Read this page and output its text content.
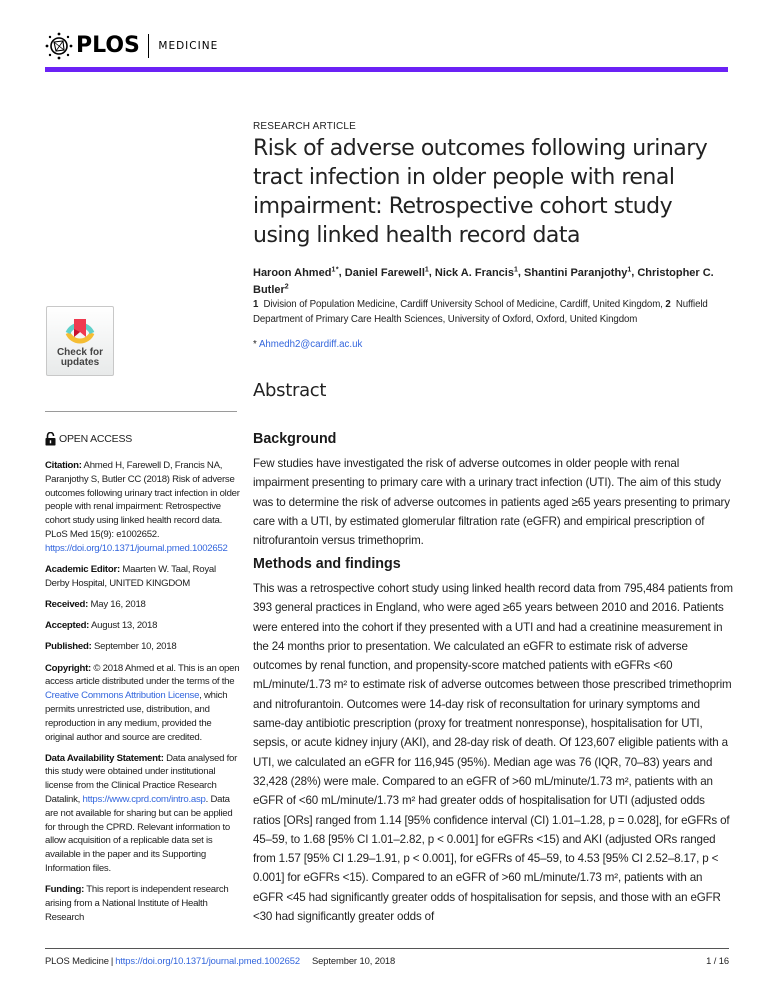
PLOS MEDICINE
Check for
updates
OPEN ACCESS

Citation: Ahmed H, Farewell D, Francis NA, Paranjothy S, Butler CC (2018) Risk of adverse outcomes following urinary tract infection in older people with renal impairment: Retrospective cohort study using linked health record data. PLoS Med 15(9): e1002652. https://doi.org/10.1371/journal.pmed.1002652

Academic Editor: Maarten W. Taal, Royal Derby Hospital, UNITED KINGDOM

Received: May 16, 2018

Accepted: August 13, 2018

Published: September 10, 2018

Copyright: © 2018 Ahmed et al. This is an open access article distributed under the terms of the Creative Commons Attribution License, which permits unrestricted use, distribution, and reproduction in any medium, provided the original author and source are credited.

Data Availability Statement: Data analysed for this study were obtained under institutional license from the Clinical Practice Research Datalink, https://www.cprd.com/intro.asp. Data are not available for sharing but can be applied for through the CPRD. Relevant information to allow acquisition of a replicable data set is available in the paper and its Supporting Information files.

Funding: This report is independent research arising from a National Institute of Health Research

RESEARCH ARTICLE
Risk of adverse outcomes following urinary tract infection in older people with renal impairment: Retrospective cohort study using linked health record data
Haroon Ahmed$^1$ *, Daniel Farewell$^1$, Nick A. Francis$^1$, Shantini Paranjothy$^1$, Christopher C. Butler$^2$
1 Division of Population Medicine, Cardiff University School of Medicine, Cardiff, United Kingdom, 2 Nuffield Department of Primary Care Health Sciences, University of Oxford, Oxford, United Kingdom
* Ahmedh2@cardiff.ac.uk
Abstract
Background

Few studies have investigated the risk of adverse outcomes in older people with renal impairment presenting to primary care with a urinary tract infection (UTI). The aim of this study was to determine the risk of adverse outcomes in patients aged ≥65 years presenting to primary care with a UTI, by estimated glomerular filtration rate (eGFR) and empirical prescription of nitrofurantoin versus trimethoprim.

Methods and findings

This was a retrospective cohort study using linked health record data from 795,484 patients from 393 general practices in England, who were aged ≥65 years between 2010 and 2016. Patients were entered into the cohort if they presented with a UTI and had a creatinine measurement in the 24 months prior to presentation. We calculated an eGFR to estimate risk of adverse outcomes by renal function, and propensity-score matched patients with eGFRs <60 mL/minute/1.73 m² to estimate risk of adverse outcomes between those prescribed trimethoprim and nitrofurantoin. Outcomes were 14-day risk of reconsultation for urinary symptoms and same-day antibiotic prescription (proxy for treatment nonresponse), hospitalisation for UTI, sepsis, or acute kidney injury (AKI), and 28-day risk of death. Of 123,607 eligible patients with a UTI, we calculated an eGFR for 116,945 (95%). Median age was 76 (IQR, 70–83) years and 32,428 (28%) were male. Compared to an eGFR of >60 mL/minute/1.73 m², patients with an eGFR of <60 mL/minute/1.73 m² had greater odds of hospitalisation for UTI (adjusted odds ratios [ORs] ranged from 1.14 [95% confidence interval (CI) 1.01–1.28, p = 0.028], for eGFRs of 45–59, to 1.68 [95% CI 1.01–2.82, p < 0.001] for eGFRs <15) and AKI (adjusted ORs ranged from 1.57 [95% CI 1.29–1.91, p < 0.001], for eGFRs of 45–59, to 4.53 [95% CI 2.52–8.17, p < 0.001] for eGFRs <15). Compared to an eGFR of >60 mL/minute/1.73 m², patients with an eGFR <45 had significantly greater odds of hospitalisation for sepsis, and those with an eGFR <30 had significantly greater odds of

PLOS Medicine | https://doi.org/10.1371/journal.pmed.1002652 September 10, 2018	1 / 16
